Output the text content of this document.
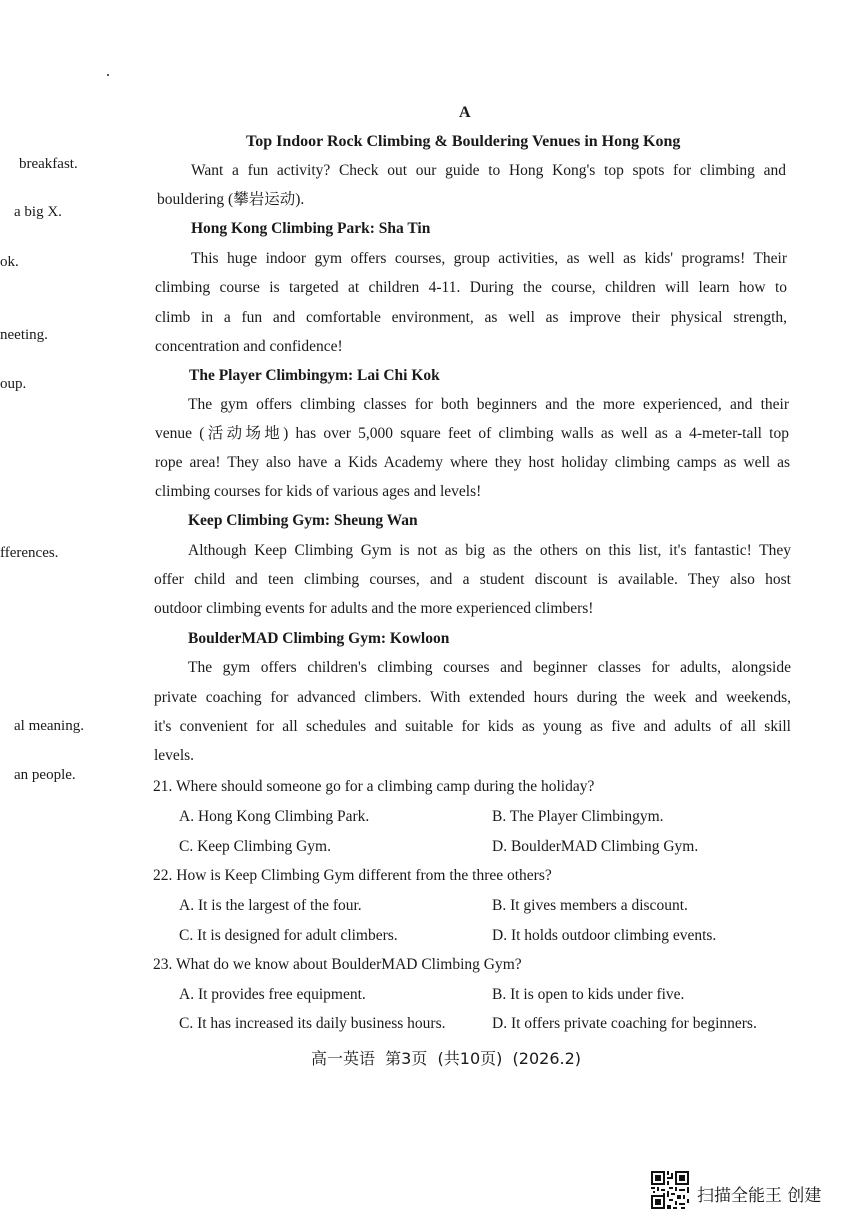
breakfast.
a big X.
ok.
neeting.
oup.
fferences.
al meaning.
an people.
A
Top Indoor Rock Climbing & Bouldering Venues in Hong Kong
Want a fun activity? Check out our guide to Hong Kong's top spots for climbing and
bouldering (攀岩运动).
Hong Kong Climbing Park: Sha Tin
This huge indoor gym offers courses, group activities, as well as kids' programs! Their
climbing course is targeted at children 4-11. During the course, children will learn how to
climb in a fun and comfortable environment, as well as improve their physical strength,
concentration and confidence!
The Player Climbingym: Lai Chi Kok
The gym offers climbing classes for both beginners and the more experienced, and their
venue (活动场地) has over 5,000 square feet of climbing walls as well as a 4-meter-tall top
rope area! They also have a Kids Academy where they host holiday climbing camps as well as
climbing courses for kids of various ages and levels!
Keep Climbing Gym: Sheung Wan
Although Keep Climbing Gym is not as big as the others on this list, it's fantastic! They
offer child and teen climbing courses, and a student discount is available. They also host
outdoor climbing events for adults and the more experienced climbers!
BoulderMAD Climbing Gym: Kowloon
The gym offers children's climbing courses and beginner classes for adults, alongside
private coaching for advanced climbers. With extended hours during the week and weekends,
it's convenient for all schedules and suitable for kids as young as five and adults of all skill
levels.
21. Where should someone go for a climbing camp during the holiday?
A. Hong Kong Climbing Park.	B. The Player Climbingym.
C. Keep Climbing Gym.	D. BoulderMAD Climbing Gym.
22. How is Keep Climbing Gym different from the three others?
A. It is the largest of the four.	B. It gives members a discount.
C. It is designed for adult climbers.	D. It holds outdoor climbing events.
23. What do we know about BoulderMAD Climbing Gym?
A. It provides free equipment.	B. It is open to kids under five.
C. It has increased its daily business hours.	D. It offers private coaching for beginners.
高一英语  第3页  (共10页)  (2026.2)
扫描全能王 创建
